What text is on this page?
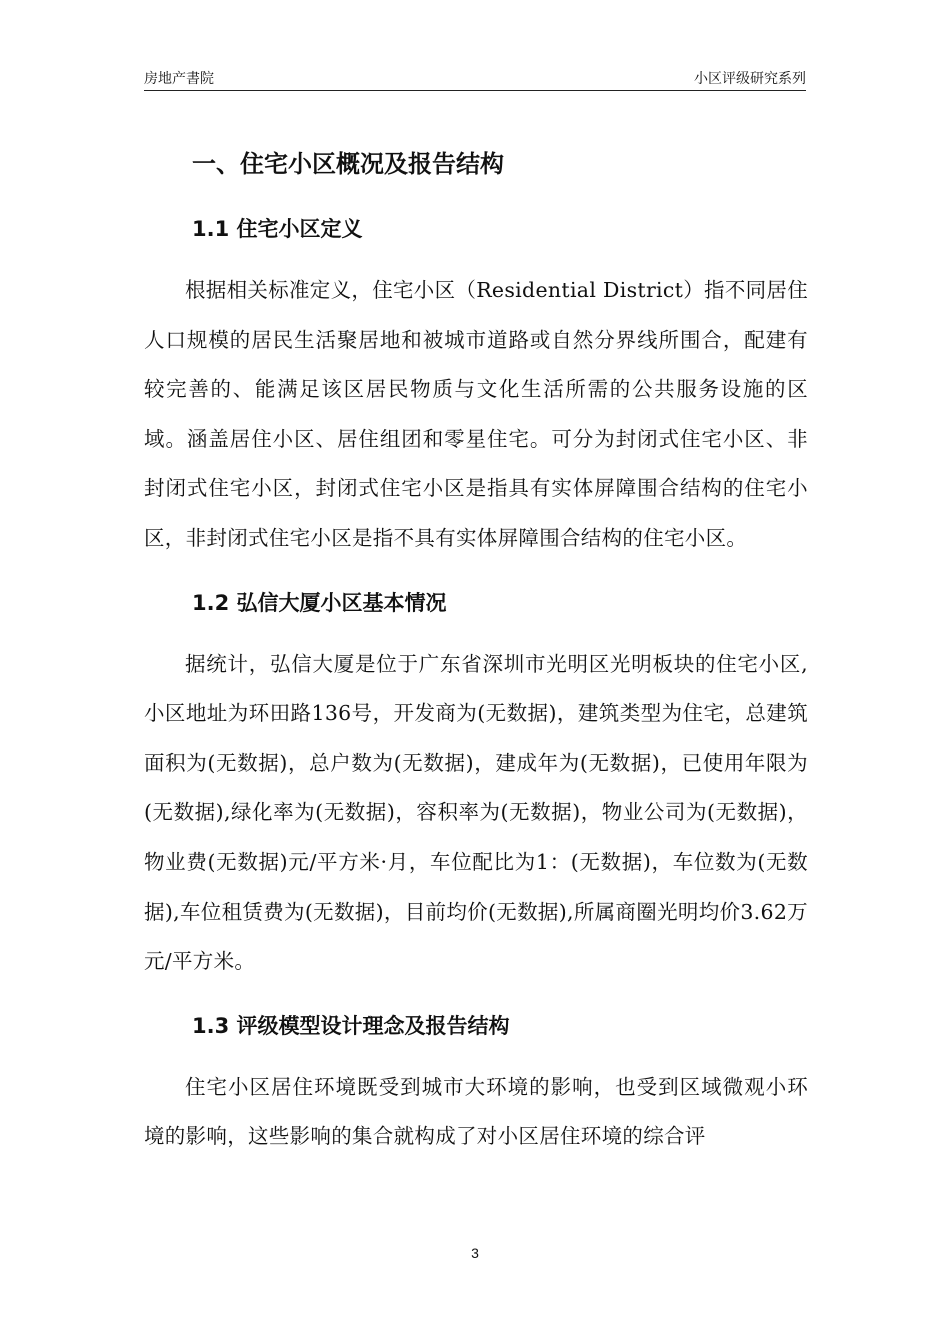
房地产書院	小区评级研究系列
一、住宅小区概况及报告结构
1.1 住宅小区定义

根据相关标准定义，住宅小区（Residential District）指不同居住人口规模的居民生活聚居地和被城市道路或自然分界线所围合，配建有较完善的、能满足该区居民物质与文化生活所需的公共服务设施的区域。涵盖居住小区、居住组团和零星住宅。可分为封闭式住宅小区、非封闭式住宅小区，封闭式住宅小区是指具有实体屏障围合结构的住宅小区，非封闭式住宅小区是指不具有实体屏障围合结构的住宅小区。

1.2 弘信大厦小区基本情况

据统计，弘信大厦是位于广东省深圳市光明区光明板块的住宅小区,小区地址为环田路136号，开发商为(无数据)，建筑类型为住宅，总建筑面积为(无数据)，总户数为(无数据)，建成年为(无数据)，已使用年限为(无数据),绿化率为(无数据)，容积率为(无数据)，物业公司为(无数据)，物业费(无数据)元/平方米·月，车位配比为1：(无数据)，车位数为(无数据),车位租赁费为(无数据)，目前均价(无数据),所属商圈光明均价3.62万元/平方米。

1.3 评级模型设计理念及报告结构

住宅小区居住环境既受到城市大环境的影响，也受到区域微观小环境的影响，这些影响的集合就构成了对小区居住环境的综合评

3
